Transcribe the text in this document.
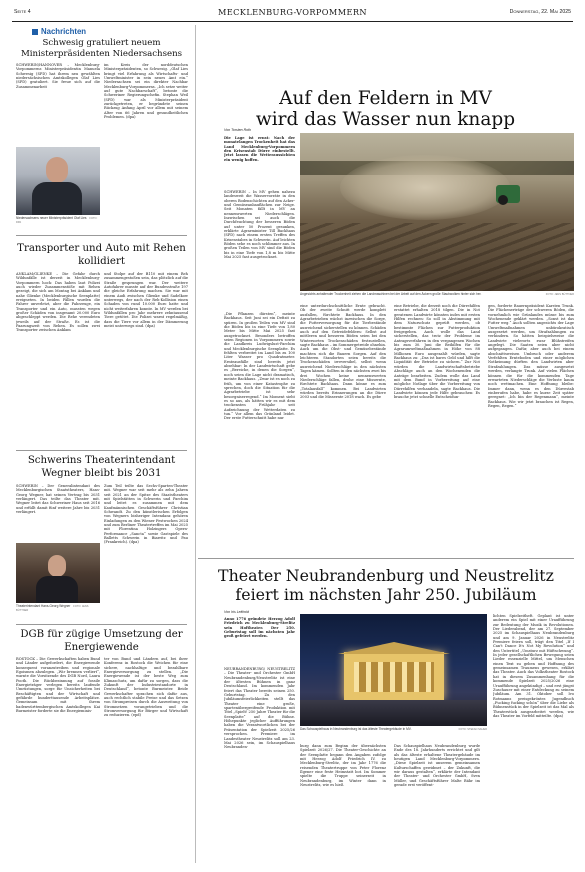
Seite 4	MECKLENBURG-VORPOMMERN	Donnerstag, 22. Mai 2025
Nachrichten
Schwesig gratuliert neuem Ministerpräsidenten Niedersachsens
SCHWERIN/HANNOVER – Mecklenburg-Vorpommerns Ministerpräsidentin Manuela Schwesig (SPD) hat ihrem neu gewählten niedersächsischen Amtskollegen Olaf Lies (SPD) gratuliert. Sie freue sich auf die Zusammenarbeit
im Kreis der norddeutschen Ministerpräsidenten, so Schwesig. „Olaf Lies bringt viel Erfahrung als Wirtschafts- und Umweltminister in sein neues Amt ein.“ Niedersachsen sei ein direkter Nachbar Mecklenburg-Vorpommerns. „Ich setze weiter auf gute Nachbarschaft“, betonte die Schweriner Regierungschefin. Stephan Weil (SPD) war als Ministerpräsident zurückgetreten, er begründete seinen Rückzug Anfang April vor allem mit seinem Alter von 66 Jahren und gesundheitlichen Problemen. (dpa)
Niedersachsens neuer Ministerpräsident Olaf Lies FOTO: DPA
Transporter und Auto mit Rehen kollidiert
ANKLAM/GLIENKE – Die Gefahr durch Wildunfälle ist derzeit in Mecklenburg-Vorpommern hoch: Das haben laut Polizei auch wieder Zusammenstöße mit Rehen gezeigt, die sich am Montag bei Anklam und nahe Glienke (Mecklenburgische Seenplatte) ereigneten. In beiden Fällen wurden die Fahrer unverletzt, aber die Fahrzeuge, ein Transporter und ein Auto, mussten wegen großer Schäden von insgesamt 20.000 Euro abgeschleppt werden. Die Rehe verendeten jeweils auf der Straße. Es ist die Paarungszeit von Rehen. Es sollen zwei Transporter zwischen Anklam
und Stolpe auf der B110 mit einem Reh zusammengestoßen sein, das plötzlich auf die Straße gesprungen war. Der weitere Autofahrer musste auf der Bundesstraße 197 die gleiche Erfahrung machen. Sie war mit einem Audi zwischen Glienke und Sadelkow unterwegs, der nach der Reh-Kollision einen Schaden von rund 10.000 Euro hatte und nicht weiterfahren konnte. In MV werden bei Wildunfällen pro Jahr mehrere zehntausend Tiere getötet. Die Polizei warnt regelmäßig, dass die Tiere vor allem in der Dämmerung meist unterwegs sind. (dpa)
Schwerins Theaterintendant Wegner bleibt bis 2031
SCHWERIN – Der Generalintendant des Mecklenburgischen Staatstheaters, Hans-Georg Wegner, hat seinen Vertrag bis 2031 verlängert. Das teilte das Theater mit. Wegner leitet das Schweriner Haus seit 2016 und erfüllt damit fünf weitere Jahre bis 2031 verlängert.
Theaterintendant Hans-Georg Wegner FOTO: JENS BÜTTNER
Zum Teil teilte das Sechs-Sparten-Theater mit. Wegner war seit mehr als zehn Jahren seit 2021 an der Spitze des Staatstheaters mit Spielstätten in Schwerin und Parchim und leitet es zusammen mit dem Kaufmännischen Geschäftsführer Christian Schwandt. Zu den künstlerischen Erfolgen von Wegners bisheriger Intendanz gehören Einladungen zu den Wiener Festwochen 2024 und zum Berliner Theatertreffen im Mai 2025 mit Florentina Holzingers Opern-Performance „Sancta“ sowie Gastspiele des Balletts Schwerin in Biarritz und Pau (Frankreich). (dpa)
DGB für zügige Umsetzung der Energiewende
ROSTOCK – Die Gewerkschaften haben Bund und Länder aufgefordert, die Energiewende konsequent voranzutreiben und regionale Egoismen abzulegen. „Wir brennen verliert“, warnte die Vorsitzende des DGB Nord, Laura Pooth. Die Rückbesinnung auf fossile Energieträger verlegen bereits laufende Umrüstungen, sorge für Unsicherheiten bei Beschäftigten und der Wirtschaft und gefährde hunderttausende Arbeitsplätze. Gemeinsam mit ihrem badenwürttembergischen Amtskollegen Kai Burmeister forderte sie die Energieminis-
ter von Bund und Ländern auf, bei ihrer Konferenz in Rostock die Weichen für eine sichere, nachhaltige und bezahlbare Energieversorgung zu stellen. „Die Energiewende ist der beste Weg zum Klimaschutz, um dafür zu sorgen, dass die Zukunft der Industriestandorte in Deutschland“, betonte Burmeister. Beide Gewerkschafter sprachen sich dafür aus, auch rechtlich stabile Preise und das Setzen von Strompreisen durch die Ausweitung von Stromnetzen vorangetrieben und die Stromversorgung für Bürger und Wirtschaft zu reduzieren. (epd)
Auf den Feldern in MV
wird das Wasser nun knapp
Von Torsten Roth
Die Lage ist ernst: Nach der monatelangen Trockenheit hat das Land Mecklenburg-Vorpommern den Krisenstab Dürre einbestellt. Jetzt lassen die Wetteraussichten ein wenig hoffen.
SCHWERIN – In MV gehen nahezu landesweit die Wasservorräte in den oberen Bodenschichten auf den Acker- und Gemüseanbauflächen zur Neige. Seit Monaten fällt in MV an nennenswerten Niederschlägen. Inzwischen sei auch die Durchfeuchtung der besseren Böden auf unter 50 Prozent gesunken, erklärte Agrarminister Till Backhaus (SPD) nach einem ersten Treffen des Krisenstabes in Schwerin. Auf leichten Böden sehe es noch schlimmer aus. In großen Teilen von MV sind die Böden bis in eine Tiefe von 1,8 m bis Mitte Mai 2025 fast ausgetrocknet.
„Die Pflanzen dürsten“, meinte Backhaus. Seit Juni sei ein Defizit zu spüren. In großen Teilen von MV sind die Böden bis in eine Tiefe von 1,80 Meter bis Mitte Mai 2025 fast ausgetrocknet. Besonders betroffen seien Regionen in Vorpommern sowie die Landkreis Ludwigslust-Parchim und Mecklenburgische Seenplatte. Es fehlten verbreitet im Land bis zu 100 Liter Wasser pro Quadratmeter. Ernteausfälle sind bereits jetzt absehbar: In der Landwirtschaft gebe es „Bereiche, in denen die Sorgen“, noch seien die Lage nicht dramatisch, meinte Backhaus. „Zwar ist es noch zu früh, um von einer Katastrophe zu sprechen, doch die Situation für die Agrarbetriebe ist sehr besorgniserregend.“ Im Moment sieht es so aus, als hätten wir es mit dem trockensten Frühjahr seit Aufzeichnung der Wetterdaten zu tun.“ Vor allem das Grünland leidet. Der erste Futterschnitt habe nur
Angesichts anhaltender Trockenheit ziehen die Landmaschinen bei der Arbeit auf den Äckern große Staubwolken hinter sich her.	FOTO: JENS BÜTTNER
eine unterdurchschnittliche Ernte gebracht. Ob der zweite Schnitt werde komplett ausfallen, fürchtete Backhaus. In den Agrarbetrieben wächst inzwischen die Sorge, die Futterversorgung für die Tierbestände ausreichend sicherstellen zu können. Schäden auch auf den Getreidefeldern: Selbst auf mittleren und besseren Böden seien bei den Wintersorten Trockenschäden festzustellen, sagte Backhaus – im Sommergetreide ohnehin. Auch um die Obst- und Gemüsebestände machten sich die Bauern Sorgen. Auf den leichteren Standorten seien bereits die Trockenschäden irreversibel, selbst wenn ausreichend Niederschläge in den nächsten Tagen kämen. Sollten in den nächsten zwei bis drei Wochen keine nennenswerten Niederschläge fallen, drohe eine Missernte, fürchtete Backhaus. Dann könne es zum „Totalausfall“ kommen. Bei Landwirten würden bereits Erinnerungen an die Dürre 2003 und die Missernte 2018 wach. Es gebe
eine Betriebe, die derzeit noch die Dürrehilfen erstattet erhalten 2018 tilgen. Die in Not geratenen Landwirte könnten indes mit ersten Hilfen rechnen: So soll in Abstimmung mit dem Naturschutz geprüft werden, ob bestimmte Flächen zur Futterproduktion freigegeben. Auch wolle das Land sicherstellen, das trotz der Probleme im Antragsverfahren in den vergangenen Wochen bis zum 30. Juni die Beihilfen für die Agrarumweltmaßnahmen in Höhe von 88 Millionen Euro ausgezahlt würden, sagte Backhaus zu: „Das ist bares Geld und hilft die Liquidität der Betriebe zu sichern.“ Zur Not würden die Landwirtschaftsbetriebe Abschläge auch an den Wochenenden die Anträge bearbeiten. Zudem wolle das Land mit dem Bund in Vorbereitung auf eine mögliche Notlage über die Vorbereitung von Dürrehilfen verhandeln, sagte Backhaus. Die Landwirte können jede Hilfe gebrauchen: Es brauche jetzt schnelle Entscheidun-
gen, forderte Bauernpräsident Karsten Trunk. Die Flächenerträge der schweren Böden, die vornehmlich wie Grünlandes müsse bis zum Wochenende geklärt werden. „Sonst ist das Futter weg.“ Auch sollten angesichts der Lage Umweltmaßnahmen unbürokratisch ausgesetzt werden, um Strafzahlungen zu verhindern. So hätten beispielsweise die Landwirte vielerorts zwar Blühstreifen angelegt. Die Saaten seien aber nicht aufgegangen. Dafür, aber auch bei einem abschnittsweisen Umbruch oder anderem Verfehlten Ernteboden und einer möglichen Notkeimung dürften den Landwirten aber Strafzahlungen. Das müsse ausgesetzt werden, verlangte Trunk. Auf vielen Flächen können die für die kommenden Tage erwarteten Niederschläge die Verluste kaum noch wettmachen. Eine Hoffnung bleibe: Immer dann, wenn es den Dürrestab einberufen habe, habe es kurze Zeit später geregnet: „Ich bin der Regenmann“, meinte Backhaus. Wie wir jetzt brauchen ist Regen, Regen, Regen.“
Theater Neubrandenburg und Neustrelitz
feiert im nächsten Jahr 250. Jubiläum
Von Iris Leithold
Anno 1776 gründete Herzog Adolf Friedrich zu Mecklenburg-Strelitz sein Hoftheater. Der 250. Geburtstag soll im nächsten Jahr groß gefeiert werden.
NEUBRANDENBURG/ NEUSTRELITZ – Die Theater- und Orchester GmbH Neubrandenburg/Neustrelitz ist eine der ältesten Bühnen in ganz Deutschland. Im kommenden Jahr feiert das Theater bereits seinen 250. Geburtstag. Zu den Jubiläumsfeierlichkeiten stellt das Theater eine große, spartenübergreifende Produktion mit Titel „Spielt! 250 Jahre Theater für die Seenplatte“ auf die Bühne. Höhepunkte jeglicher Aufführungen haben die Verantwortlichen bei der Präsentation der Spielzeit 2025/26 versprochen. Premiere im Landestheater Neustrelitz soll am 23. Mai 2026 sein, im Schauspielhaus Neubranden-
Das Schauspielhaus in Neubrandenburg ist das älteste Theatergebäude in MV.	FOTO: STEFAN SAUER
burg dann zum Beginn der übernächsten Spielzeit 2026/27. Die Theater-Geschichte an der Seenplatte begann den Angaben zufolge mit Herzog Adolf Friedrich IV. zu Mecklenburg-Strelitz, der im Jahr 1776 die reisenden Theatertruppe von Peter Florenz Ilgener eine feste Heimstatt bot. Im Sommer spielte die Truppe seinerzeit in Neubrandenburg, im Winter dann in Neustrelitz, wie es hieß.
Das Schauspielhaus Neubrandenburg wurde Ende des 18. Jahrhunderts errichtet und gilt als das älteste erhaltene Theatergebäude im heutigen Land Mecklenburg-Vorpommern. „Diese Spielzeit ist unserem gemeinsamen Kulturschaffen gewidmet – der Zukunft, die wir daraus gestalten“, erklärte der Intendant der Theater- und Orchester GmbH, Sven Müller, und Geschäftsführer Malte Bähr im gerade erst veröffent-
lichten Spielzeitheft. Geplant ist unter anderem ein Spiel mit einer Uraufführung zur Bedeutung der Musik in Revolutionen. Der Liederabend, der am 27. September 2025 im Schauspielhaus Neubrandenburg und am 9. Januar 2026 in Neustrelitz Premiere feiern soll, trägt den Titel „If I Can't Dance It's Not My Revolution“ und den Untertitel „Umsturz mit Hüftschwung“. In jeder gesellschaftlichen Bewegung seien Lieder essenzielle Mittel, um Menschen einen Text zu geben und Hoffnung des gemeinsamen Traumens gewesen, erklärt das Theater. Auch das Volkstheater Rostock hat in diesem Zusammenhang für die kommende Spielzeit 2025/2026 eine Uraufführung angekündigt – und erst jüngst Zuschauer mit einer Entdeckung zu seinem Jubiläum. Am 31. Oktober soll Ivo Rotmanns preisgekröntes Jugendbuch „Fucking fucking schön“ über die Liebe als Bühnenstück in der Spielzeit ist das Mal als Theaterstück ausgearbeitet werden, wie das Theater im Vorfeld mitteilte. (dpa)
